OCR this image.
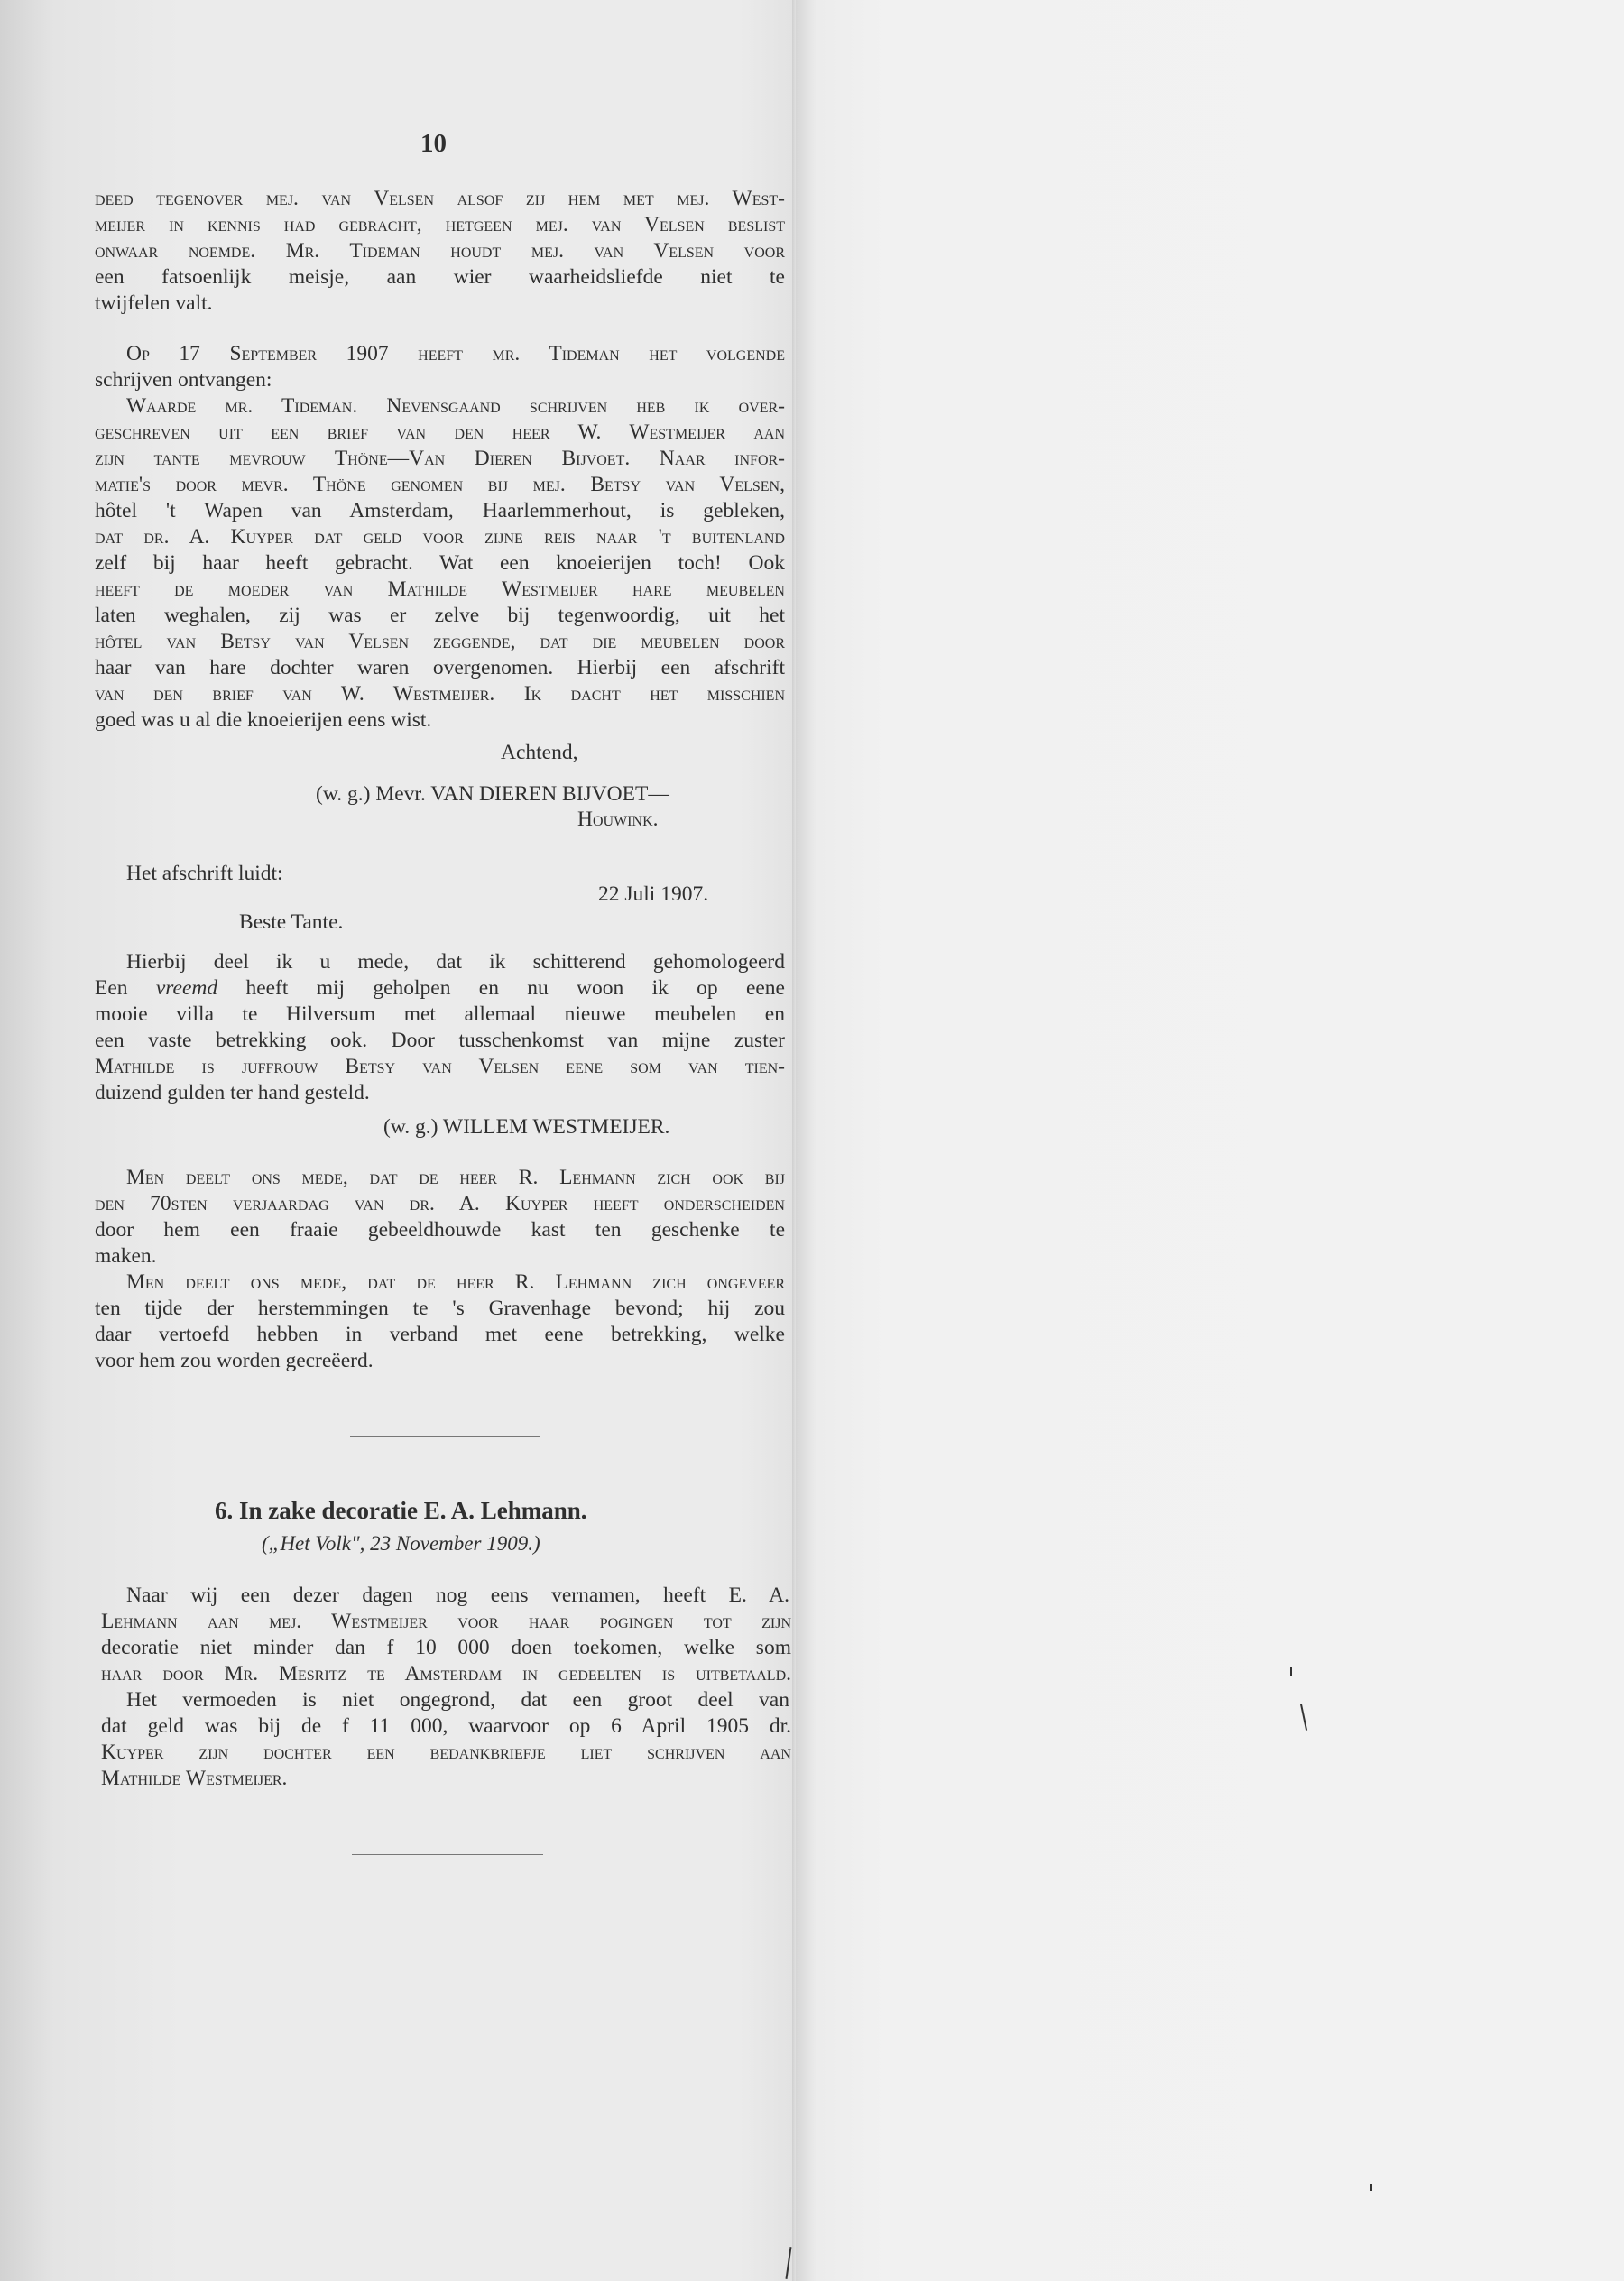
10
deed tegenover mej. van Velsen alsof zij hem met mej. West-
meijer in kennis had gebracht, hetgeen mej. van Velsen beslist
onwaar noemde. Mr. Tideman houdt mej. van Velsen voor
een fatsoenlijk meisje, aan wier waarheidsliefde niet te
twijfelen valt.
Op 17 September 1907 heeft mr. Tideman het volgende
schrijven ontvangen:
Waarde mr. Tideman. Nevensgaand schrijven heb ik over-
geschreven uit een brief van den heer W. Westmeijer aan
zijn tante mevrouw Thöne—Van Dieren Bijvoet. Naar infor-
matie's door mevr. Thöne genomen bij mej. Betsy van Velsen,
hôtel 't Wapen van Amsterdam, Haarlemmerhout, is gebleken,
dat dr. A. Kuyper dat geld voor zijne reis naar 't buitenland
zelf bij haar heeft gebracht. Wat een knoeierijen toch! Ook
heeft de moeder van Mathilde Westmeijer hare meubelen
laten weghalen, zij was er zelve bij tegenwoordig, uit het
hôtel van Betsy van Velsen zeggende, dat die meubelen door
haar van hare dochter waren overgenomen. Hierbij een afschrift
van den brief van W. Westmeijer. Ik dacht het misschien
goed was u al die knoeierijen eens wist.
Achtend,
(w. g.) Mevr. VAN DIEREN BIJVOET—
Houwink.
Het afschrift luidt:
22 Juli 1907.
Beste Tante.
Hierbij deel ik u mede, dat ik schitterend gehomologeerd
Een vreemd heeft mij geholpen en nu woon ik op eene
mooie villa te Hilversum met allemaal nieuwe meubelen en
een vaste betrekking ook. Door tusschenkomst van mijne zuster
Mathilde is juffrouw Betsy van Velsen eene som van tien-
duizend gulden ter hand gesteld.
(w. g.) WILLEM WESTMEIJER.
Men deelt ons mede, dat de heer R. Lehmann zich ook bij
den 70sten verjaardag van dr. A. Kuyper heeft onderscheiden
door hem een fraaie gebeeldhouwde kast ten geschenke te
maken.
Men deelt ons mede, dat de heer R. Lehmann zich ongeveer
ten tijde der herstemmingen te 's Gravenhage bevond; hij zou
daar vertoefd hebben in verband met eene betrekking, welke
voor hem zou worden gecreëerd.
6. In zake decoratie E. A. Lehmann.
(„Het Volk", 23 November 1909.)
Naar wij een dezer dagen nog eens vernamen, heeft E. A.
Lehmann aan mej. Westmeijer voor haar pogingen tot zijn
decoratie niet minder dan f 10 000 doen toekomen, welke som
haar door Mr. Mesritz te Amsterdam in gedeelten is uitbetaald.
Het vermoeden is niet ongegrond, dat een groot deel van
dat geld was bij de f 11 000, waarvoor op 6 April 1905 dr.
Kuyper zijn dochter een bedankbriefje liet schrijven aan
Mathilde Westmeijer.
